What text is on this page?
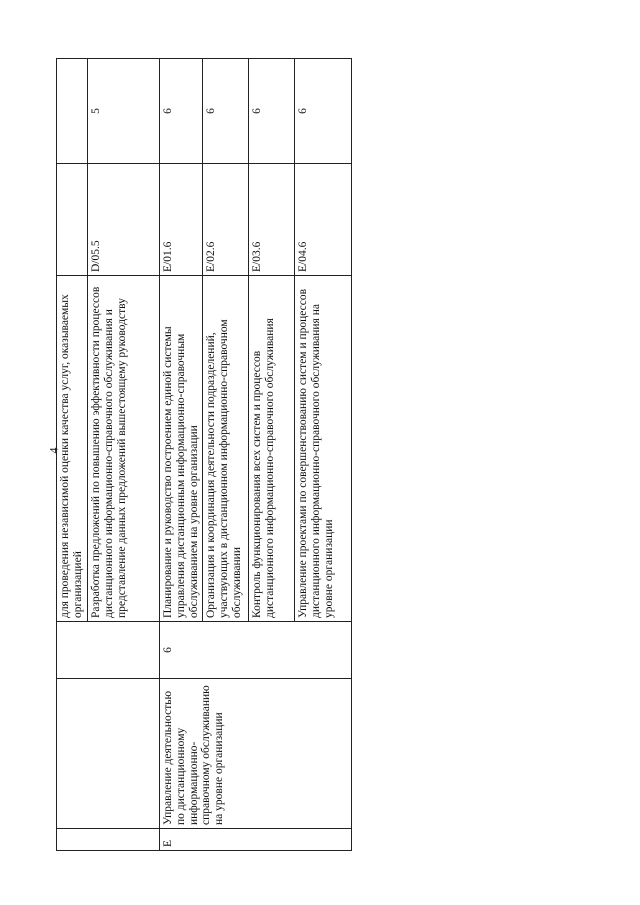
4
			для проведения независимой оценки качества услуг, оказываемых организацией		
			Разработка предложений по повышению эффективности процессов дистанционного информационно-справочного обслуживания и представление данных предложений вышестоящему руководству	D/05.5	5
E	Управление деятельностью по дистанционному информационно-справочному обслуживанию на уровне организации	6	Планирование и руководство построением единой системы управления дистанционным информационно-справочным обслуживанием на уровне организации	E/01.6	6
			Организация и координация деятельности подразделений, участвующих в дистанционном информационно-справочном обслуживании	E/02.6	6
			Контроль функционирования всех систем и процессов дистанционного информационно-справочного обслуживания	E/03.6	6
			Управление проектами по совершенствованию систем и процессов дистанционного информационно-справочного обслуживания на уровне организации	E/04.6	6
